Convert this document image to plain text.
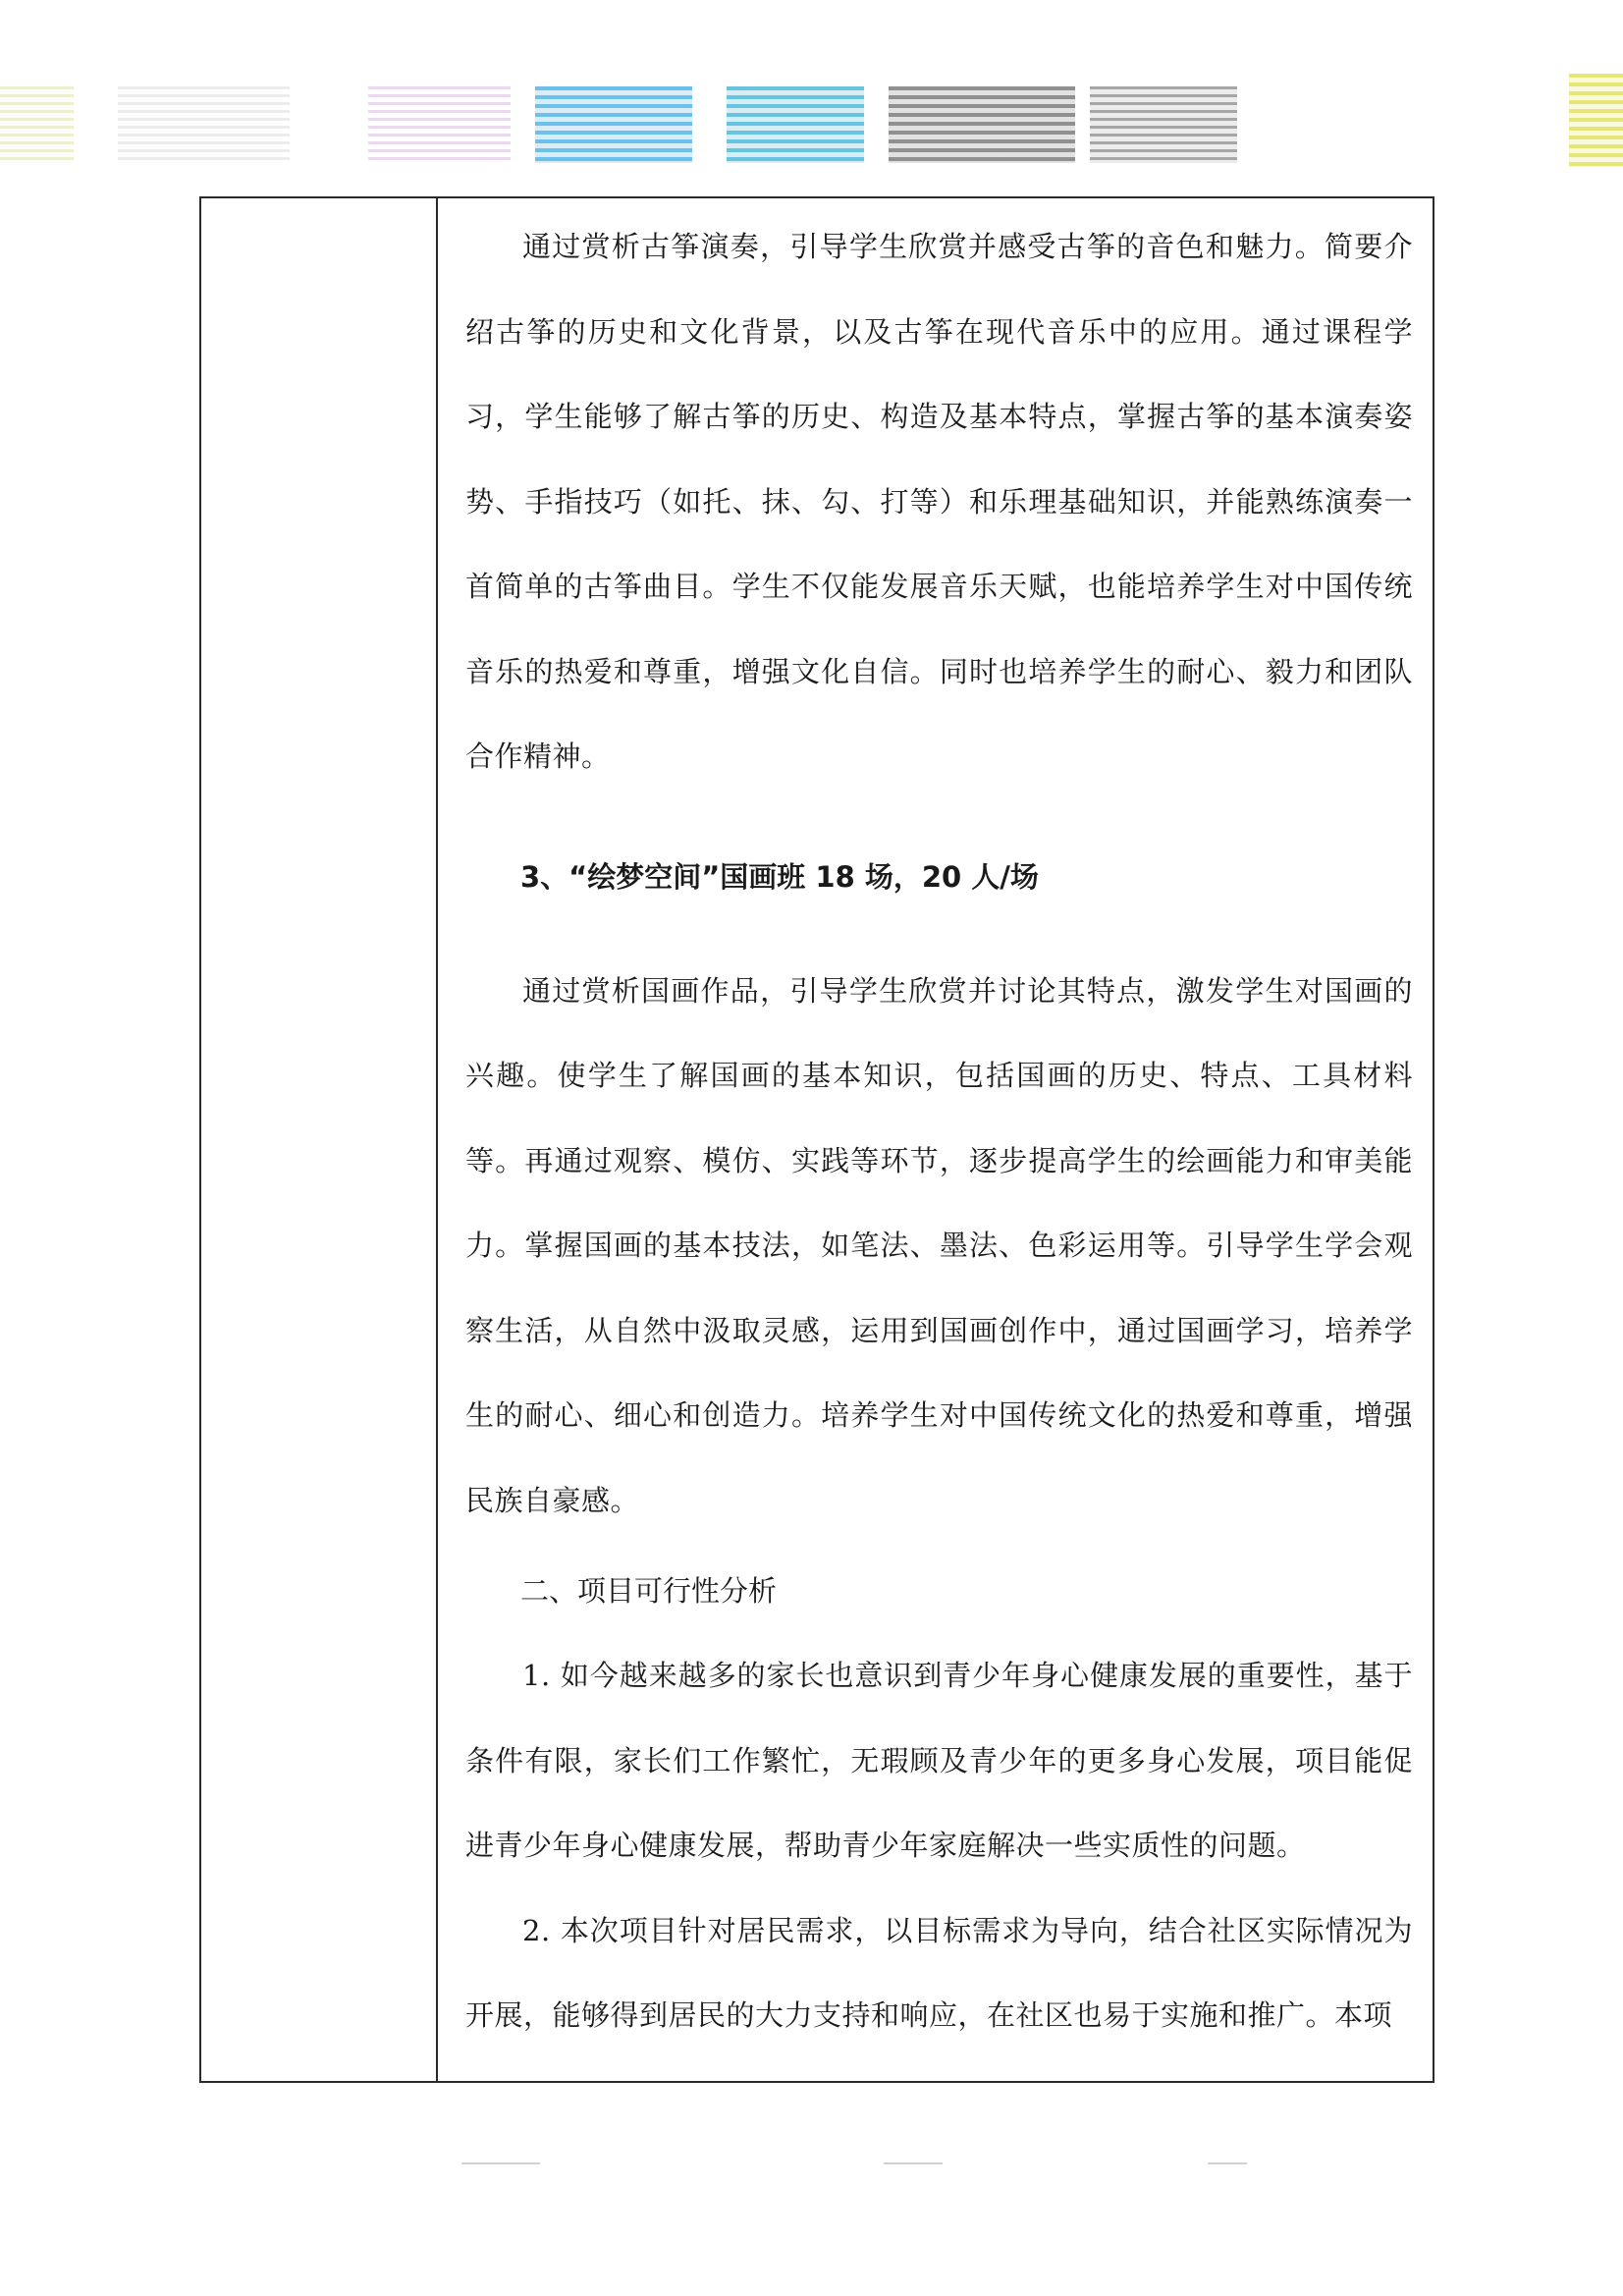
通过赏析古筝演奏，引导学生欣赏并感受古筝的音色和魅力。简要介绍古筝的历史和文化背景，以及古筝在现代音乐中的应用。通过课程学习，学生能够了解古筝的历史、构造及基本特点，掌握古筝的基本演奏姿势、手指技巧（如托、抹、勾、打等）和乐理基础知识，并能熟练演奏一首简单的古筝曲目。学生不仅能发展音乐天赋，也能培养学生对中国传统音乐的热爱和尊重，增强文化自信。同时也培养学生的耐心、毅力和团队合作精神。

3、“绘梦空间”国画班 18 场，20 人/场

通过赏析国画作品，引导学生欣赏并讨论其特点，激发学生对国画的兴趣。使学生了解国画的基本知识，包括国画的历史、特点、工具材料等。再通过观察、模仿、实践等环节，逐步提高学生的绘画能力和审美能力。掌握国画的基本技法，如笔法、墨法、色彩运用等。引导学生学会观察生活，从自然中汲取灵感，运用到国画创作中，通过国画学习，培养学生的耐心、细心和创造力。培养学生对中国传统文化的热爱和尊重，增强民族自豪感。

二、项目可行性分析

1. 如今越来越多的家长也意识到青少年身心健康发展的重要性，基于条件有限，家长们工作繁忙，无瑕顾及青少年的更多身心发展，项目能促进青少年身心健康发展，帮助青少年家庭解决一些实质性的问题。

2. 本次项目针对居民需求，以目标需求为导向，结合社区实际情况为开展，能够得到居民的大力支持和响应，在社区也易于实施和推广。本项
